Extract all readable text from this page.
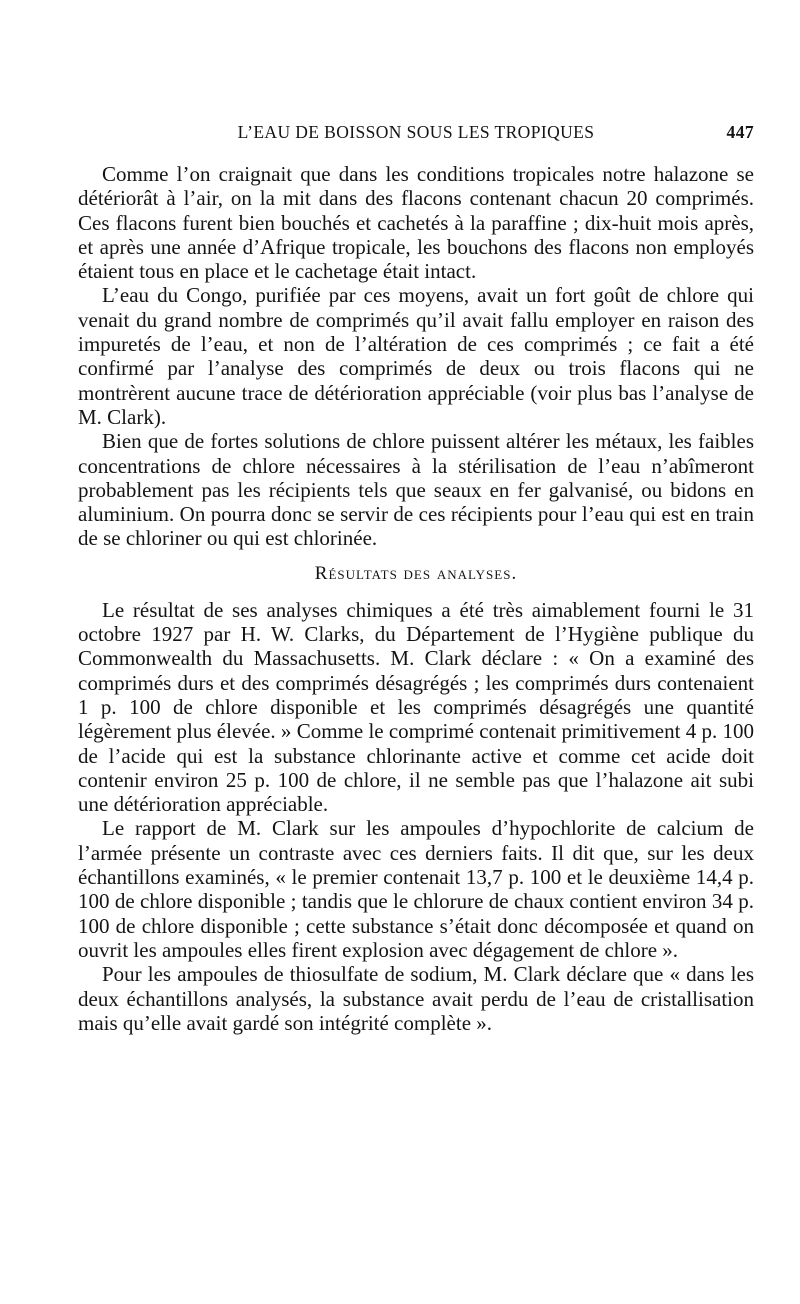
L’EAU DE BOISSON SOUS LES TROPIQUES	447

Comme l’on craignait que dans les conditions tropicales notre halazone se détériorât à l’air, on la mit dans des flacons contenant chacun 20 comprimés. Ces flacons furent bien bouchés et cachetés à la paraffine ; dix-huit mois après, et après une année d’Afrique tropicale, les bouchons des flacons non employés étaient tous en place et le cachetage était intact.

L’eau du Congo, purifiée par ces moyens, avait un fort goût de chlore qui venait du grand nombre de comprimés qu’il avait fallu employer en raison des impuretés de l’eau, et non de l’altération de ces comprimés ; ce fait a été confirmé par l’analyse des comprimés de deux ou trois flacons qui ne montrèrent aucune trace de détérioration appréciable (voir plus bas l’analyse de M. Clark).

Bien que de fortes solutions de chlore puissent altérer les métaux, les faibles concentrations de chlore nécessaires à la stérilisation de l’eau n’abîmeront probablement pas les récipients tels que seaux en fer galvanisé, ou bidons en aluminium. On pourra donc se servir de ces récipients pour l’eau qui est en train de se chloriner ou qui est chlorinée.

Résultats des analyses.

Le résultat de ses analyses chimiques a été très aimablement fourni le 31 octobre 1927 par H. W. Clarks, du Département de l’Hygiène publique du Commonwealth du Massachusetts. M. Clark déclare : « On a examiné des comprimés durs et des comprimés désagrégés ; les comprimés durs contenaient 1 p. 100 de chlore disponible et les comprimés désagrégés une quantité légèrement plus élevée. » Comme le comprimé contenait primitivement 4 p. 100 de l’acide qui est la substance chlorinante active et comme cet acide doit contenir environ 25 p. 100 de chlore, il ne semble pas que l’halazone ait subi une détérioration appréciable.

Le rapport de M. Clark sur les ampoules d’hypochlorite de calcium de l’armée présente un contraste avec ces derniers faits. Il dit que, sur les deux échantillons examinés, « le premier contenait 13,7 p. 100 et le deuxième 14,4 p. 100 de chlore disponible ; tandis que le chlorure de chaux contient environ 34 p. 100 de chlore disponible ; cette substance s’était donc décomposée et quand on ouvrit les ampoules elles firent explosion avec dégagement de chlore ».

Pour les ampoules de thiosulfate de sodium, M. Clark déclare que « dans les deux échantillons analysés, la substance avait perdu de l’eau de cristallisation mais qu’elle avait gardé son intégrité complète ».
